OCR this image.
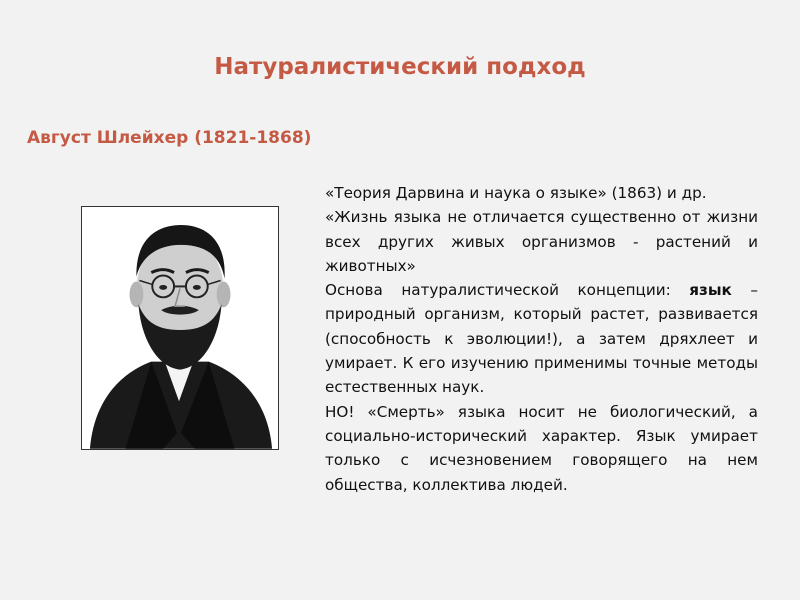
Натуралистический подход
Август Шлейхер (1821-1868)

«Теория Дарвина и наука о языке» (1863) и др.

«Жизнь языка не отличается существенно от жизни всех других живых организмов - растений и животных»

Основа натуралистической концепции: язык – природный организм, который растет, развивается (способность к эволюции!), а затем дряхлеет и умирает. К его изучению применимы точные методы естественных наук.

НО! «Смерть» языка носит не биологический, а социально-исторический характер. Язык умирает только с исчезновением говорящего на нем общества, коллектива людей.
